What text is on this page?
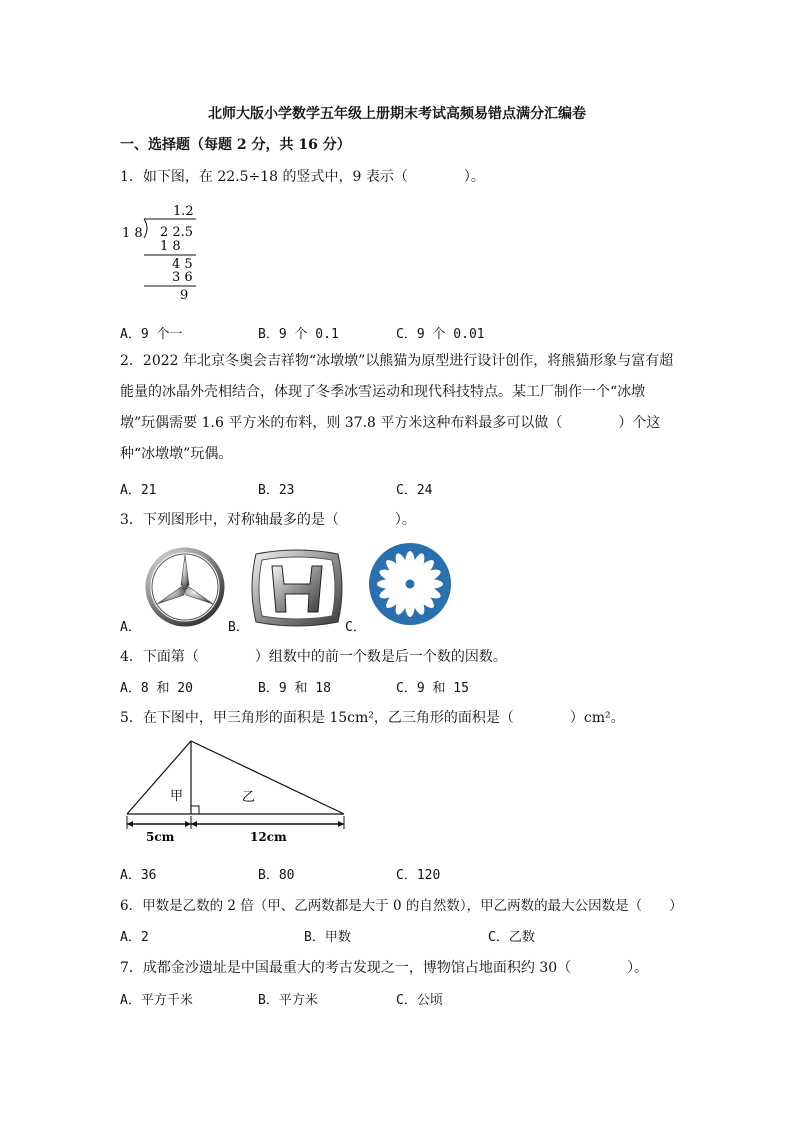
北师大版小学数学五年级上册期末考试高频易错点满分汇编卷
一、选择题（每题 2 分，共 16 分）
1．如下图，在 22.5÷18 的竖式中，9 表示（　　　　）。
1.2
1 8 2 2.5
1 8
4 5
3 6
9
A．9 个一	B．9 个 0.1	C．9 个 0.01
2．2022 年北京冬奥会吉祥物“冰墩墩”以熊猫为原型进行设计创作，将熊猫形象与富有超能量的冰晶外壳相结合，体现了冬季冰雪运动和现代科技特点。某工厂制作一个“冰墩墩”玩偶需要 1.6 平方米的布料，则 37.8 平方米这种布料最多可以做（　　　　）个这种“冰墩墩”玩偶。
A．21	B．23	C．24
3．下列图形中，对称轴最多的是（　　　　）。
A．	B．	C．
4．下面第（　　　　）组数中的前一个数是后一个数的因数。
A．8 和 20	B．9 和 18	C．9 和 15
5．在下图中，甲三角形的面积是 15cm²，乙三角形的面积是（　　　　）cm²。
甲	乙
5cm	12cm
A．36	B．80	C．120
6．甲数是乙数的 2 倍（甲、乙两数都是大于 0 的自然数），甲乙两数的最大公因数是（　　）
A．2	B．甲数	C．乙数
7．成都金沙遗址是中国最重大的考古发现之一，博物馆占地面积约 30（　　　　）。
A．平方千米	B．平方米	C．公顷
